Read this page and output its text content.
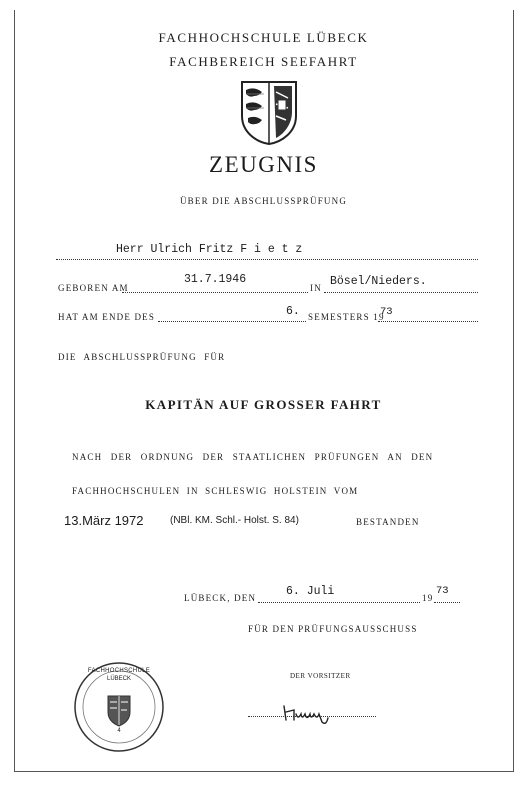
FACHHOCHSCHULE LÜBECK
FACHBEREICH SEEFAHRT
ZEUGNIS
ÜBER DIE ABSCHLUSSPRÜFUNG
Herr Ulrich Fritz F i e t z
GEBOREN AM
31.7.1946
IN Bösel/Nieders.
HAT AM ENDE DES	6. SEMESTERS 19
73
DIE ABSCHLUSSPRÜFUNG FÜR
KAPITÄN AUF GROSSER FAHRT
NACH DER ORDNUNG DER STAATLICHEN PRÜFUNGEN AN DEN
FACHHOCHSCHULEN IN SCHLESWIG HOLSTEIN VOM
13.März 1972	(NBl. KM. Schl.- Holst. S. 84)	BESTANDEN
LÜBECK, DEN	6. Juli	19
73
FÜR DEN PRÜFUNGSAUSSCHUSS
DER VORSITZER
FACHHOCHSCHULE
LÜBECK
4
